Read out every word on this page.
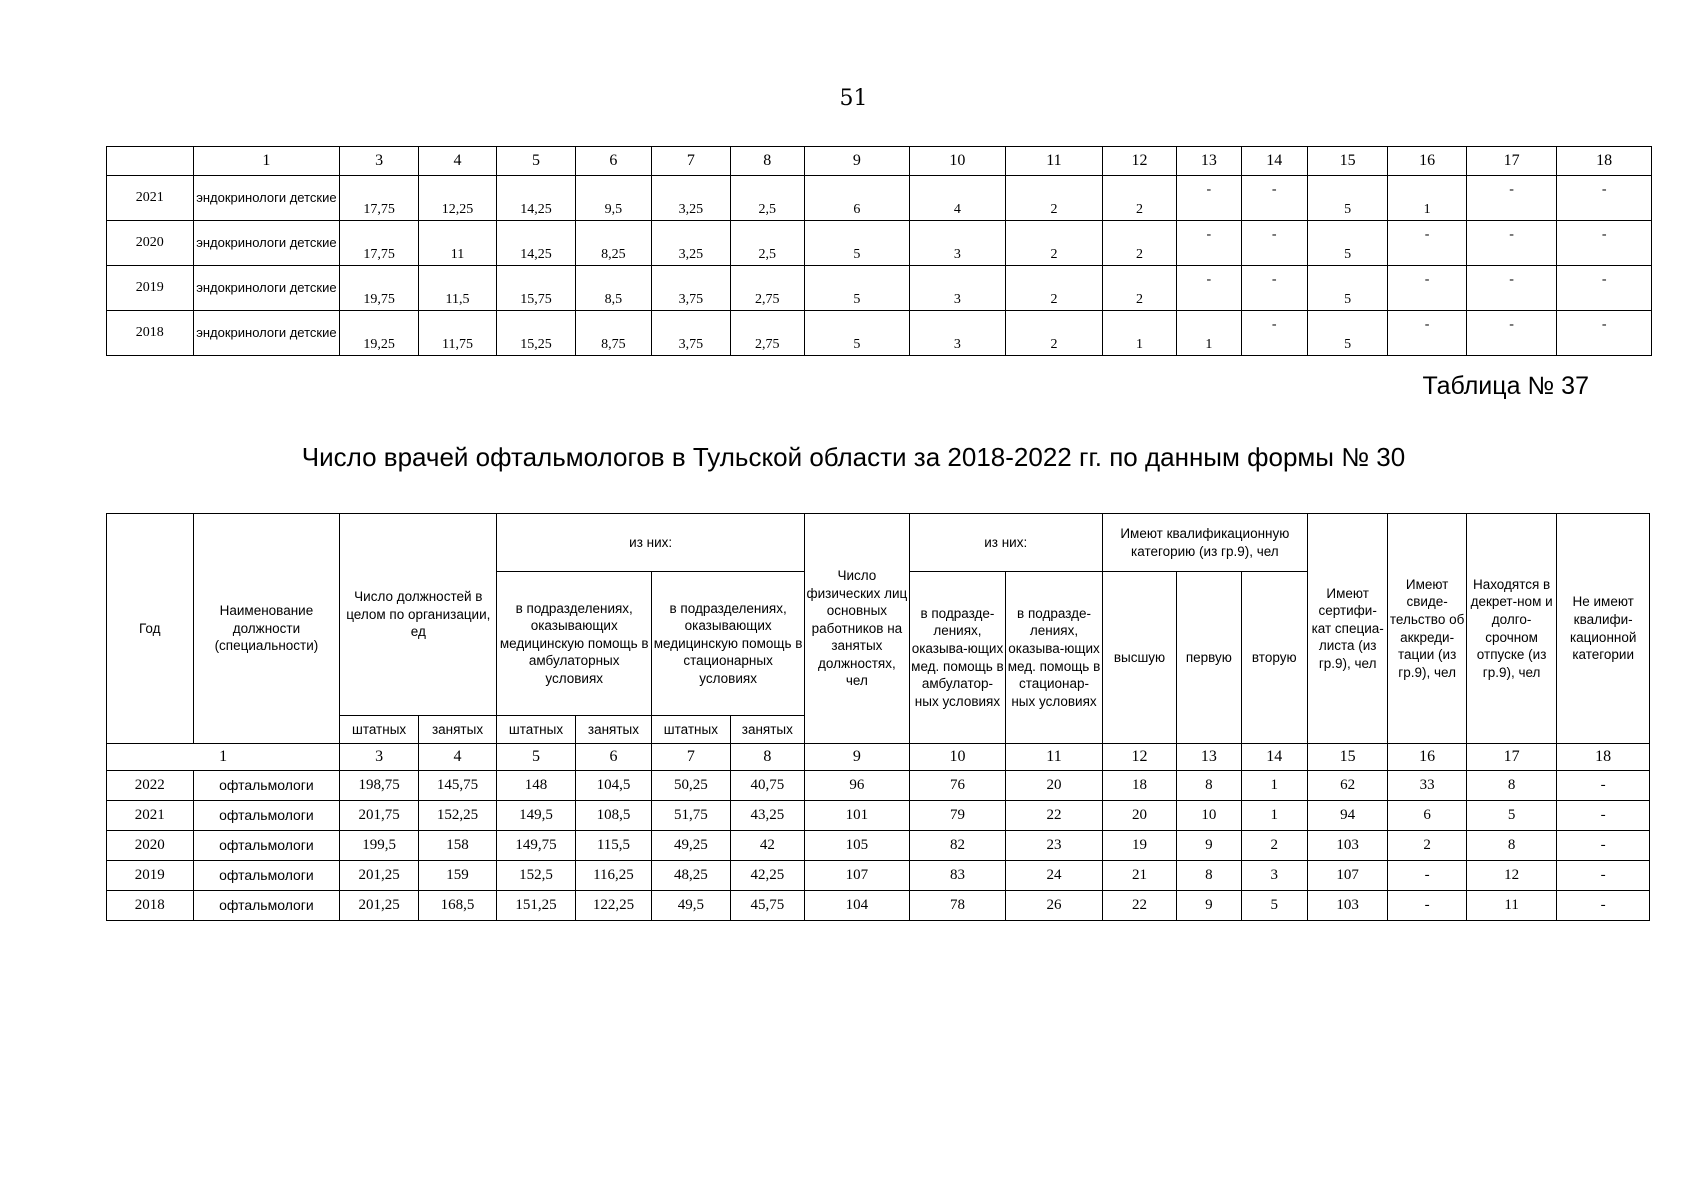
51
	1	3	4	5	6	7	8	9	10	11	12	13	14	15	16	17	18
2021	эндокринологи детские	17,75	12,25	14,25	9,5	3,25	2,5	6	4	2	2	-	-	5	1	-	-
2020	эндокринологи детские	17,75	11	14,25	8,25	3,25	2,5	5	3	2	2	-	-	5	-	-	-
2019	эндокринологи детские	19,75	11,5	15,75	8,5	3,75	2,75	5	3	2	2	-	-	5	-	-	-
2018	эндокринологи детские	19,25	11,75	15,25	8,75	3,75	2,75	5	3	2	1	1	-	5	-	-	-
Таблица № 37
Число врачей офтальмологов в Тульской области за 2018-2022 гг. по данным формы № 30
Год	Наименование должности (специальности)	Число должностей в целом по организации, ед		из них:				Число физических лиц основных работников на занятых должностях, чел	из них:		Имеют квалификационную категорию (из гр.9), чел			Имеют сертифи-кат специа-листа (из гр.9), чел	Имеют свиде-тельство об аккреди-тации (из гр.9), чел	Находятся в декрет-ном и долго-срочном отпуске (из гр.9), чел	Не имеют квалифи-кационной категории
				в подразделениях, оказывающих медицинскую помощь в амбулаторных условиях		в подразделениях, оказывающих медицинскую помощь в стационарных условиях			в подразде-лениях, оказыва-ющих мед. помощь в амбулатор-ных условиях	в подразде-лениях, оказыва-ющих мед. помощь в стационар-ных условиях	высшую	первую	вторую				
		штатных	занятых	штатных	занятых	штатных	занятых										
1		3	4	5	6	7	8	9	10	11	12	13	14	15	16	17	18
2022	офтальмологи	198,75	145,75	148	104,5	50,25	40,75	96	76	20	18	8	1	62	33	8	-
2021	офтальмологи	201,75	152,25	149,5	108,5	51,75	43,25	101	79	22	20	10	1	94	6	5	-
2020	офтальмологи	199,5	158	149,75	115,5	49,25	42	105	82	23	19	9	2	103	2	8	-
2019	офтальмологи	201,25	159	152,5	116,25	48,25	42,25	107	83	24	21	8	3	107	-	12	-
2018	офтальмологи	201,25	168,5	151,25	122,25	49,5	45,75	104	78	26	22	9	5	103	-	11	-
